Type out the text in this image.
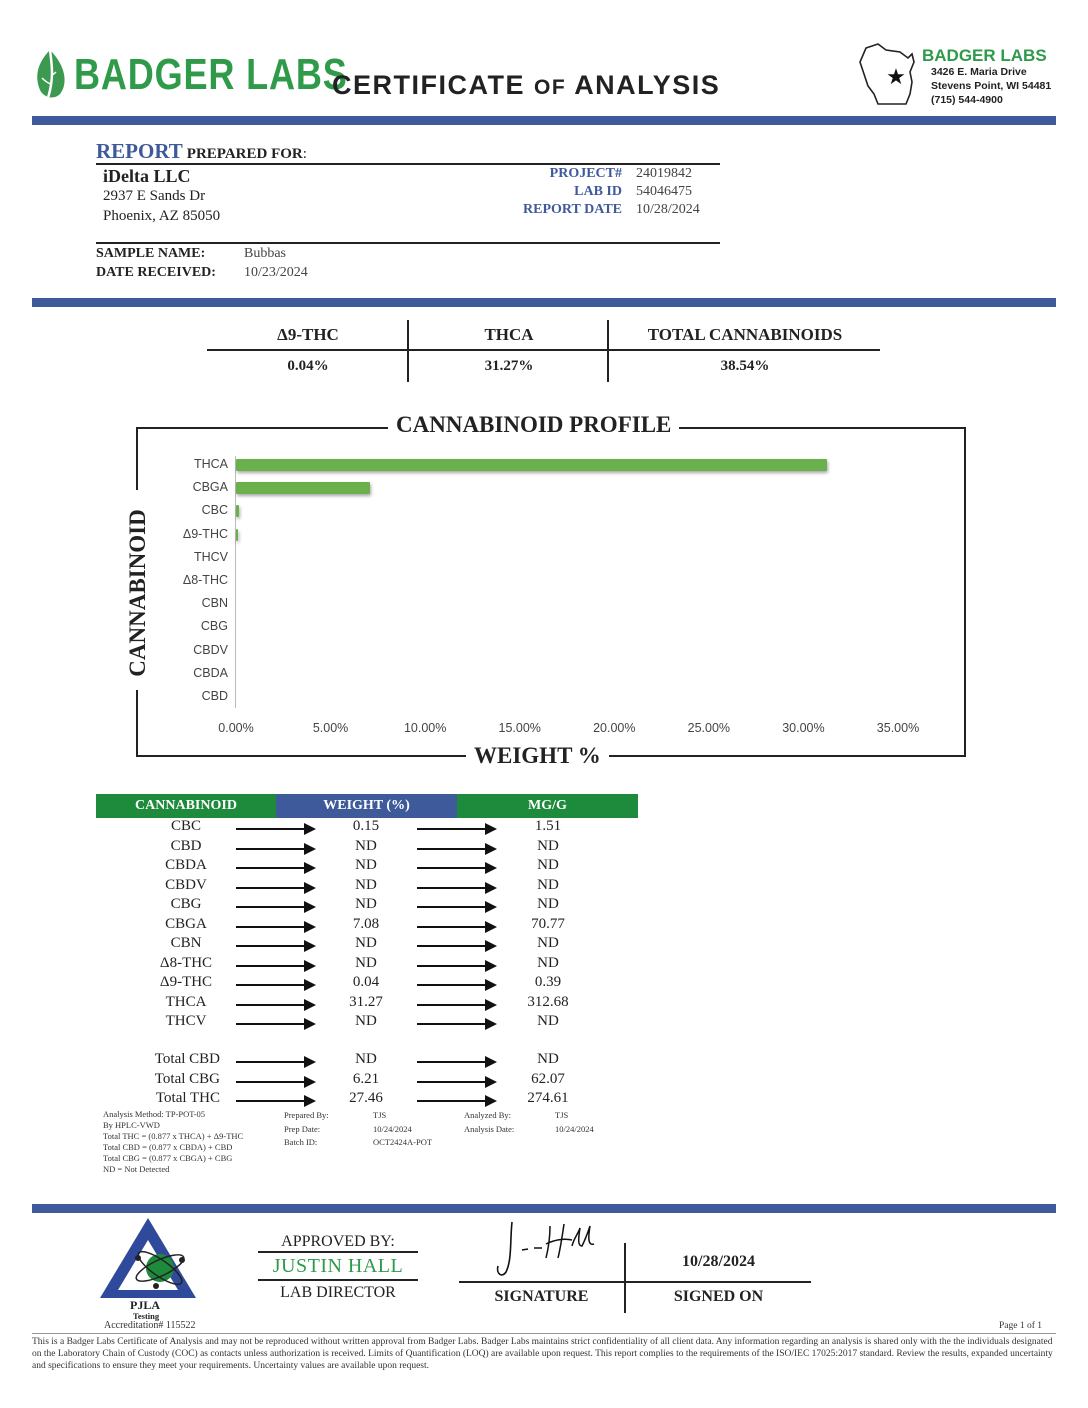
BADGER LABS
CERTIFICATE OF ANALYSIS	★
BADGER LABS
3426 E. Maria Drive
Stevens Point, WI 54481
(715) 544-4900
REPORT PREPARED FOR:
iDelta LLC
2937 E Sands Dr
Phoenix, AZ 85050
PROJECT# 24019842
LAB ID 54046475
REPORT DATE 10/28/2024
SAMPLE NAME:	Bubbas
DATE RECEIVED: 10/23/2024
Δ9-THC	THCA	TOTAL CANNABINOIDS
0.04%	31.27%	38.54%
CANNABINOID PROFILE
WEIGHT %
CANNABINOID
THCA
CBGA
CBC
Δ9-THC
THCV
Δ8-THC
CBN
CBG
CBDV
CBDA
CBD
0.00%	5.00%	10.00%	15.00%	20.00%	25.00%	30.00%	35.00%
CANNABINOID	WEIGHT (%)	MG/G
CBC	0.15	1.51
CBD	ND	ND
CBDA	ND	ND
CBDV	ND	ND
CBG	ND	ND
CBGA	7.08	70.77
CBN	ND	ND
Δ8-THC	ND	ND
Δ9-THC	0.04	0.39
THCA	31.27	312.68
THCV	ND	ND
Total CBD	ND	ND
Total CBG	6.21	62.07
Total THC	27.46	274.61
Analysis Method: TP-POT-05
By HPLC-VWD
Total THC = (0.877 x THCA) + Δ9-THC
Total CBD = (0.877 x CBDA) + CBD
Total CBG = (0.877 x CBGA) + CBG
ND = Not Detected
Prepared By:	TJS
Prep Date:	10/24/2024
Batch ID:	OCT2424A-POT
Analyzed By:	TJS
Analysis Date:	10/24/2024
PJLA
Testing
Accreditation# 115522
APPROVED BY:
JUSTIN HALL
LAB DIRECTOR
10/28/2024
SIGNATURE	SIGNED ON
Page 1 of 1
This is a Badger Labs Certificate of Analysis and may not be reproduced without written approval from Badger Labs. Badger Labs maintains strict confidentiality of all client data. Any information regarding an analysis is shared only with the the individuals designated on the Laboratory Chain of Custody (COC) as contacts unless authorization is received. Limits of Quantification (LOQ) are available upon request. This report complies to the requirements of the ISO/IEC 17025:2017 standard. Review the results, expanded uncertainty and specifications to ensure they meet your requirements. Uncertainty values are available upon request.
